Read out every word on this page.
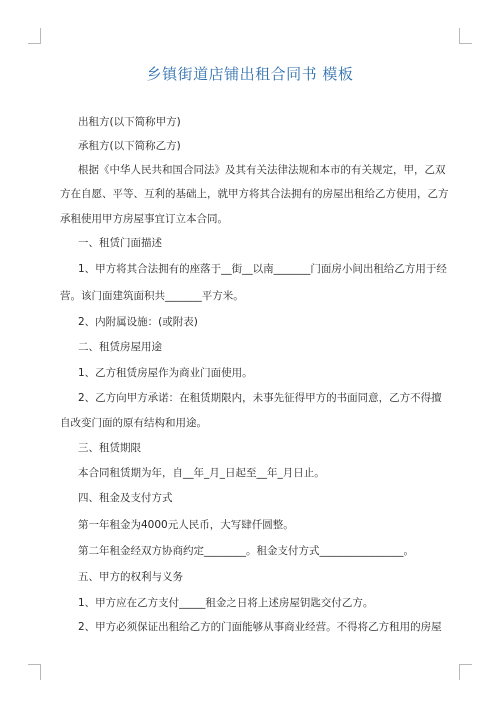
乡镇街道店铺出租合同书 模板
出租方(以下简称甲方)
承租方(以下简称乙方)
根据《中华人民共和国合同法》及其有关法律法规和本市的有关规定，甲，乙双
方在自愿、平等、互利的基础上，就甲方将其合法拥有的房屋出租给乙方使用，乙方
承租使用甲方房屋事宜订立本合同。
一、租赁门面描述
1、甲方将其合法拥有的座落于__街__以南_______门面房小间出租给乙方用于经
营。该门面建筑面积共_______平方米。
2、内附属设施：(或附表)
二、租赁房屋用途
1、乙方租赁房屋作为商业门面使用。
2、乙方向甲方承诺：在租赁期限内，未事先征得甲方的书面同意，乙方不得擅
自改变门面的原有结构和用途。
三、租赁期限
本合同租赁期为年，自__年_月_日起至__年_月日止。
四、租金及支付方式
第一年租金为4000元人民币，大写肆仟圆整。
第二年租金经双方协商约定________。租金支付方式________________。
五、甲方的权利与义务
1、甲方应在乙方支付_____租金之日将上述房屋钥匙交付乙方。
2、甲方必须保证出租给乙方的门面能够从事商业经营。不得将乙方租用的房屋
